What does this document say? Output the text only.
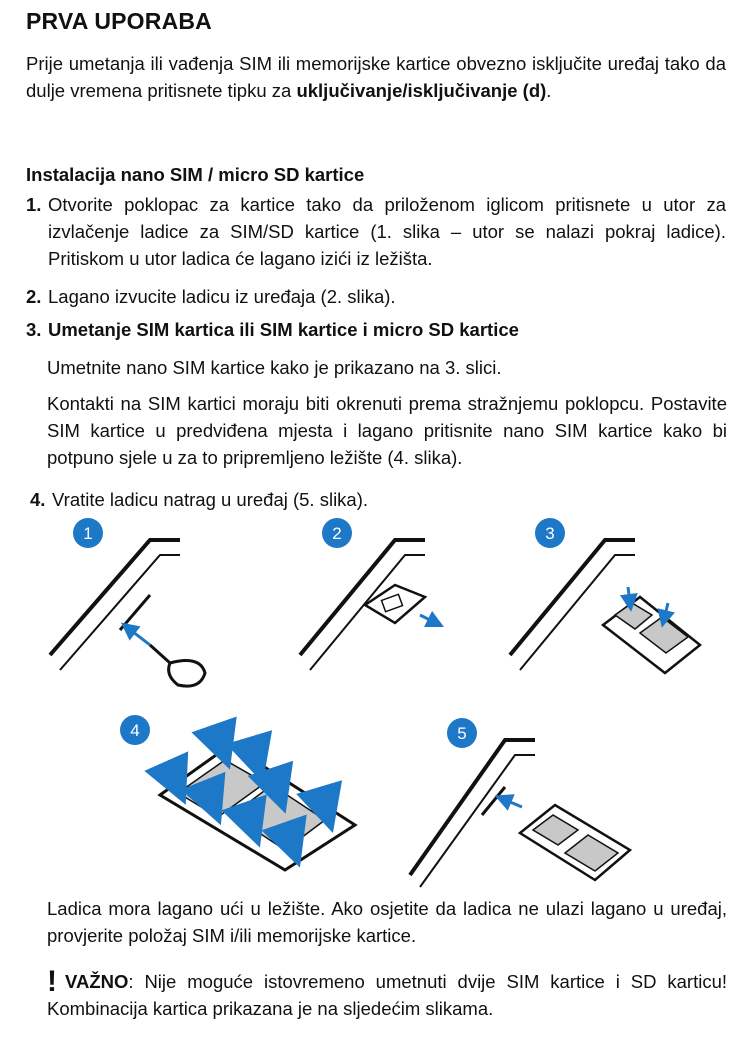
PRVA UPORABA

Prije umetanja ili vađenja SIM ili memorijske kartice obvezno isključite uređaj tako da dulje vremena pritisnete tipku za uključivanje/isključivanje (d).

Instalacija nano SIM / micro SD kartice

1. Otvorite poklopac za kartice tako da priloženom iglicom pritisnete u utor za izvlačenje ladice za SIM/SD kartice (1. slika – utor se nalazi pokraj ladice). Pritiskom u utor ladica će lagano izići iz ležišta.
2. Lagano izvucite ladicu iz uređaja (2. slika).
3. Umetanje SIM kartica ili SIM kartice i micro SD kartice

Umetnite nano SIM kartice kako je prikazano na 3. slici.

Kontakti na SIM kartici moraju biti okrenuti prema stražnjemu poklopcu. Postavite SIM kartice u predviđena mjesta i lagano pritisnite nano SIM kartice kako bi potpuno sjele u za to pripremljeno ležište (4. slika).

4. Vratite ladicu natrag u uređaj (5. slika).
1	2	3
4	5

Ladica mora lagano ući u ležište. Ako osjetite da ladica ne ulazi lagano u uređaj, provjerite položaj SIM i/ili memorijske kartice.

! VAŽNO: Nije moguće istovremeno umetnuti dvije SIM kartice i SD karticu! Kombinacija kartica prikazana je na sljedećim slikama.
